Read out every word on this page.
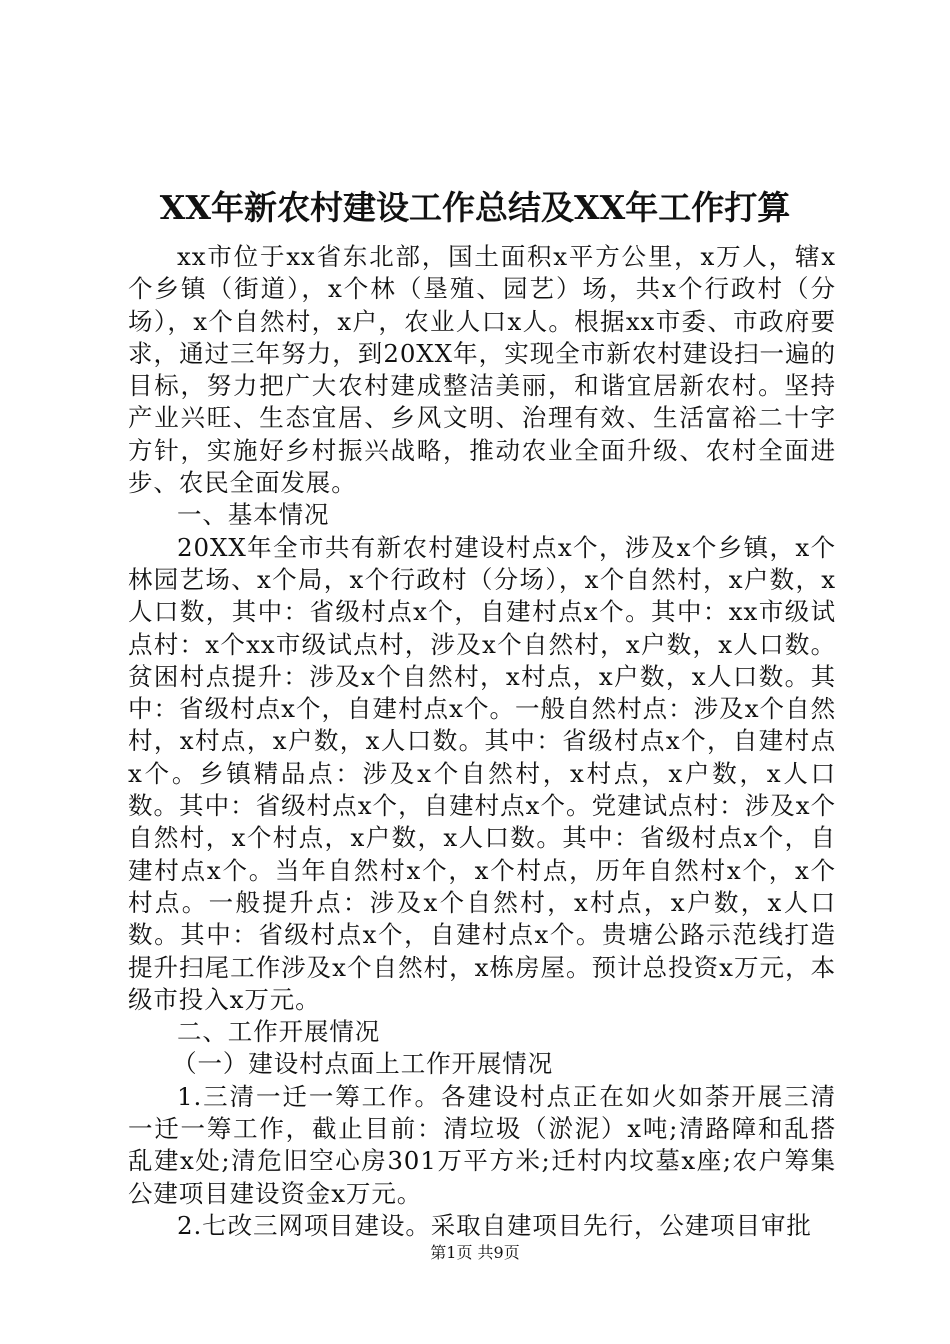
XX年新农村建设工作总结及XX年工作打算

xx市位于xx省东北部，国土面积x平方公里，x万人，辖x个乡镇（街道），x个林（垦殖、园艺）场，共x个行政村（分场），x个自然村，x户，农业人口x人。根据xx市委、市政府要求，通过三年努力，到20XX年，实现全市新农村建设扫一遍的目标，努力把广大农村建成整洁美丽，和谐宜居新农村。坚持产业兴旺、生态宜居、乡风文明、治理有效、生活富裕二十字方针，实施好乡村振兴战略，推动农业全面升级、农村全面进步、农民全面发展。

一、基本情况

20XX年全市共有新农村建设村点x个，涉及x个乡镇，x个林园艺场、x个局，x个行政村（分场），x个自然村，x户数，x人口数，其中：省级村点x个，自建村点x个。其中：xx市级试点村：x个xx市级试点村，涉及x个自然村，x户数，x人口数。贫困村点提升：涉及x个自然村，x村点，x户数，x人口数。其中：省级村点x个，自建村点x个。一般自然村点：涉及x个自然村，x村点，x户数，x人口数。其中：省级村点x个，自建村点x个。乡镇精品点：涉及x个自然村，x村点，x户数，x人口数。其中：省级村点x个，自建村点x个。党建试点村：涉及x个自然村，x个村点，x户数，x人口数。其中：省级村点x个，自建村点x个。当年自然村x个，x个村点，历年自然村x个，x个村点。一般提升点：涉及x个自然村，x村点，x户数，x人口数。其中：省级村点x个，自建村点x个。贵塘公路示范线打造提升扫尾工作涉及x个自然村，x栋房屋。预计总投资x万元，本级市投入x万元。

二、工作开展情况

（一）建设村点面上工作开展情况

1.三清一迁一筹工作。各建设村点正在如火如荼开展三清一迁一筹工作，截止目前：清垃圾（淤泥）x吨;清路障和乱搭乱建x处;清危旧空心房301万平方米;迁村内坟墓x座;农户筹集公建项目建设资金x万元。

2.七改三网项目建设。采取自建项目先行，公建项目审批

第1页 共9页
